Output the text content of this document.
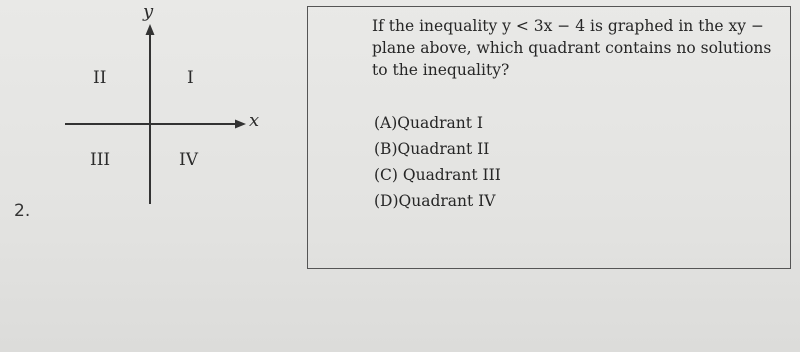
y
x
II	I
III	IV
2.
If the inequality y < 3x − 4 is graphed in the xy −
plane above, which quadrant contains no solutions
to the inequality?
(A)Quadrant I
(B)Quadrant II
(C) Quadrant III
(D)Quadrant IV
